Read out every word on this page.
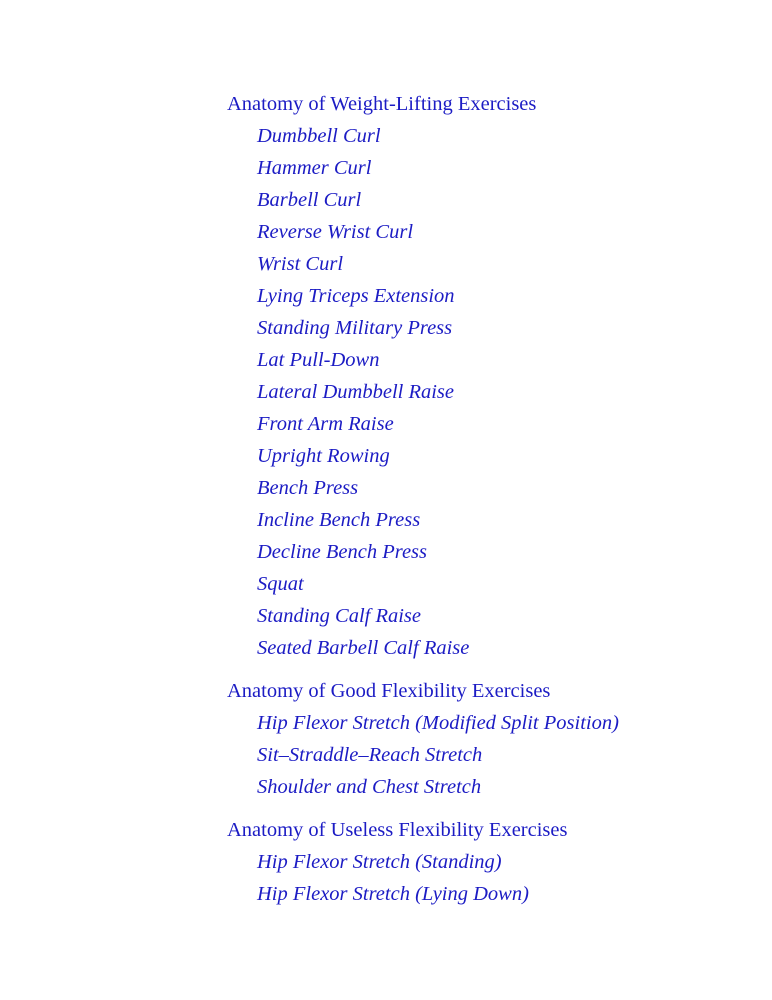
Anatomy of Weight-Lifting Exercises
Dumbbell Curl
Hammer Curl
Barbell Curl
Reverse Wrist Curl
Wrist Curl
Lying Triceps Extension
Standing Military Press
Lat Pull-Down
Lateral Dumbbell Raise
Front Arm Raise
Upright Rowing
Bench Press
Incline Bench Press
Decline Bench Press
Squat
Standing Calf Raise
Seated Barbell Calf Raise
Anatomy of Good Flexibility Exercises
Hip Flexor Stretch (Modified Split Position)
Sit–Straddle–Reach Stretch
Shoulder and Chest Stretch
Anatomy of Useless Flexibility Exercises
Hip Flexor Stretch (Standing)
Hip Flexor Stretch (Lying Down)
